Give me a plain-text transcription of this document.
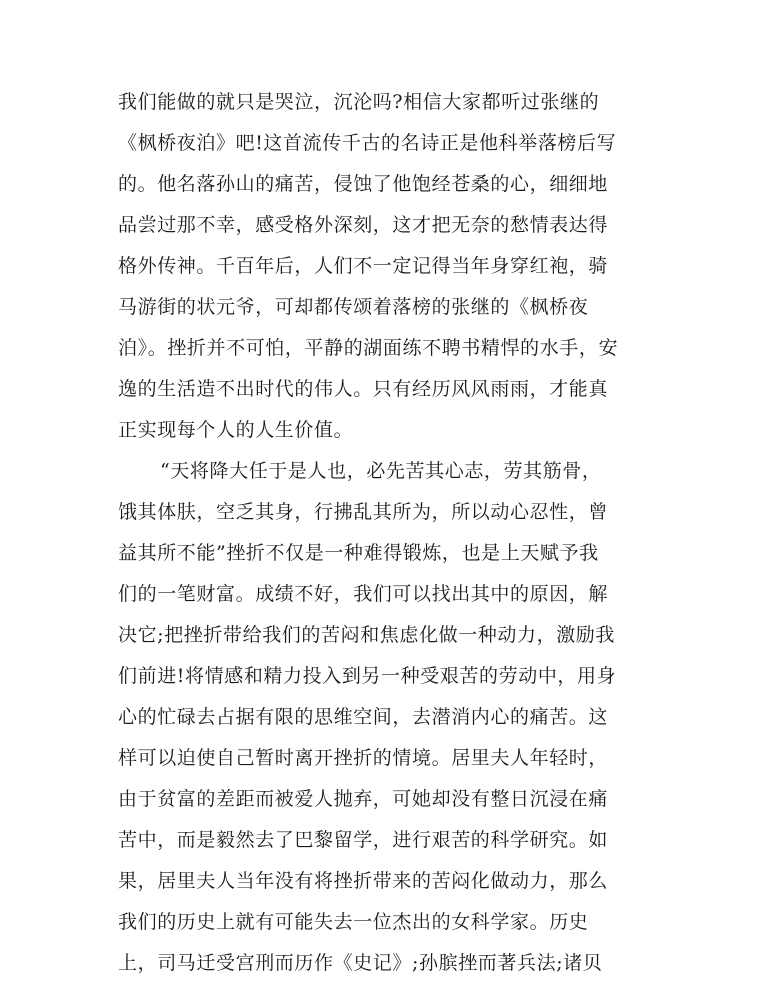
我们能做的就只是哭泣，沉沦吗?相信大家都听过张继的
《枫桥夜泊》吧!这首流传千古的名诗正是他科举落榜后写
的。他名落孙山的痛苦，侵蚀了他饱经苍桑的心，细细地
品尝过那不幸，感受格外深刻，这才把无奈的愁情表达得
格外传神。千百年后，人们不一定记得当年身穿红袍，骑
马游街的状元爷，可却都传颂着落榜的张继的《枫桥夜
泊》。挫折并不可怕，平静的湖面练不聘书精悍的水手，安
逸的生活造不出时代的伟人。只有经历风风雨雨，才能真
正实现每个人的人生价值。
“天将降大任于是人也，必先苦其心志，劳其筋骨，
饿其体肤，空乏其身，行拂乱其所为，所以动心忍性，曾
益其所不能”挫折不仅是一种难得锻炼，也是上天赋予我
们的一笔财富。成绩不好，我们可以找出其中的原因，解
决它;把挫折带给我们的苦闷和焦虑化做一种动力，激励我
们前进!将情感和精力投入到另一种受艰苦的劳动中，用身
心的忙碌去占据有限的思维空间，去潜消内心的痛苦。这
样可以迫使自己暂时离开挫折的情境。居里夫人年轻时，
由于贫富的差距而被爱人抛弃，可她却没有整日沉浸在痛
苦中，而是毅然去了巴黎留学，进行艰苦的科学研究。如
果，居里夫人当年没有将挫折带来的苦闷化做动力，那么
我们的历史上就有可能失去一位杰出的女科学家。历史
上，司马迁受宫刑而历作《史记》;孙膑挫而著兵法;诸贝
